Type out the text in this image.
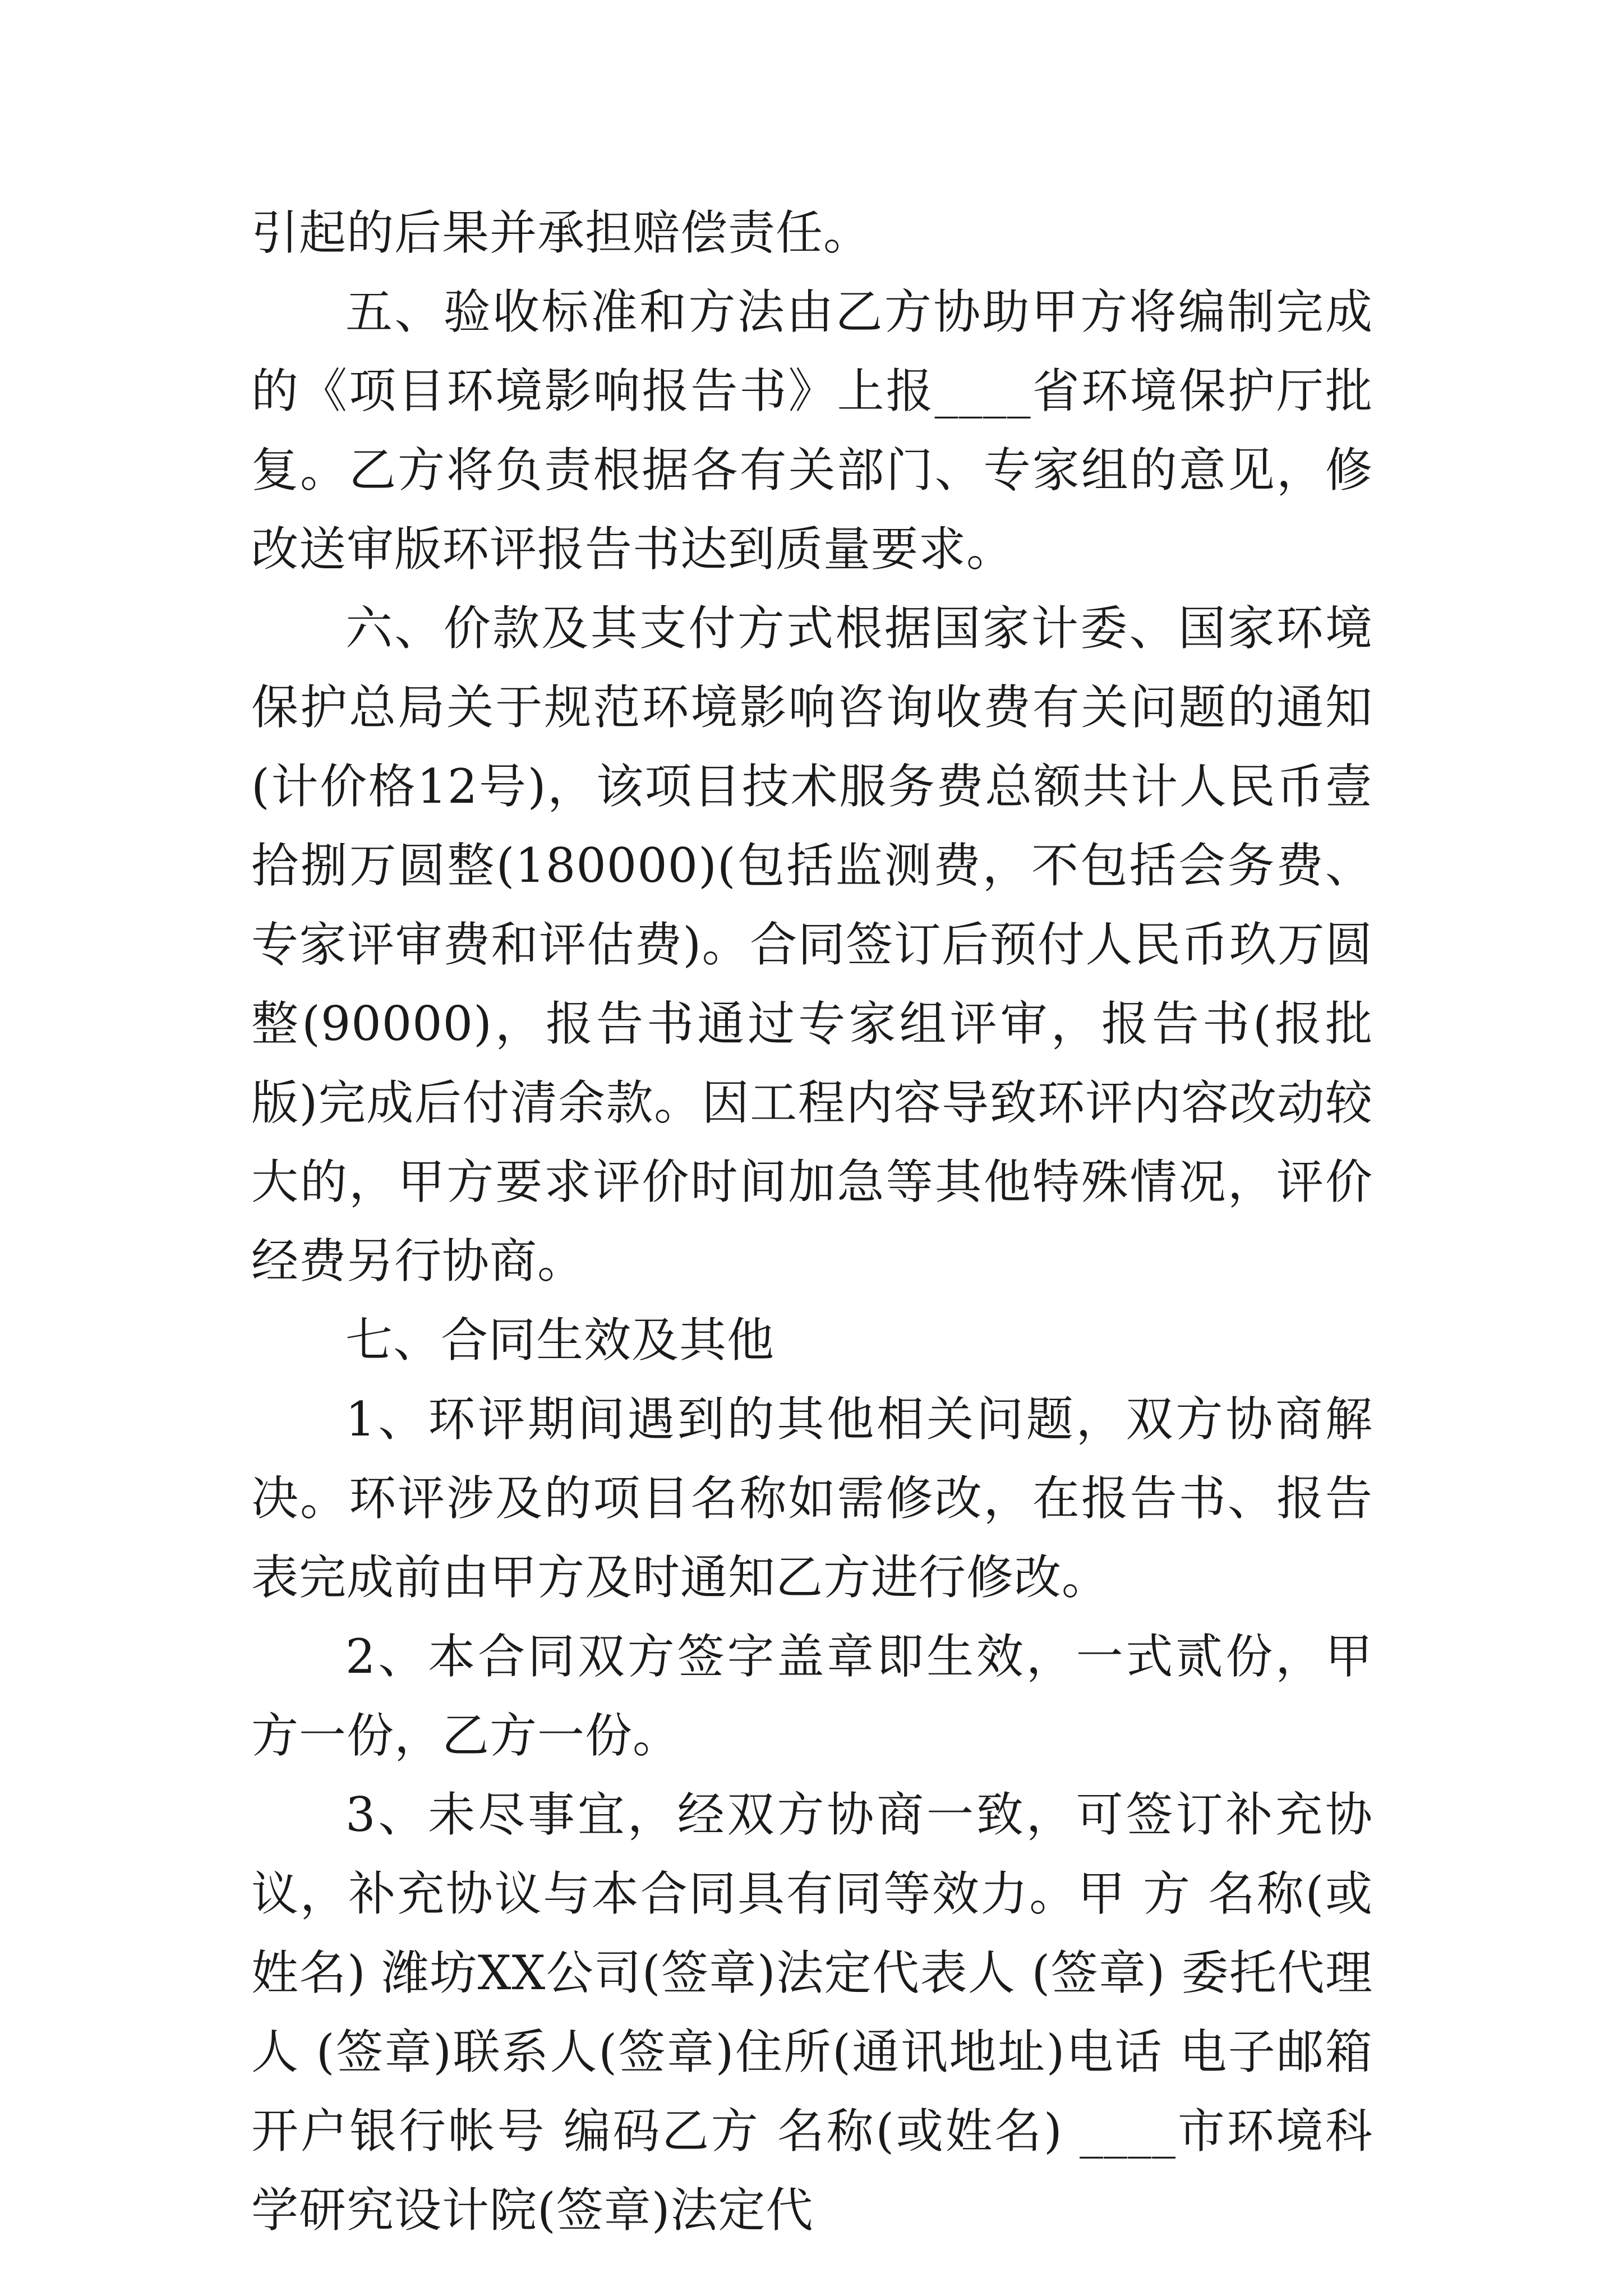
引起的后果并承担赔偿责任。

五、验收标准和方法由乙方协助甲方将编制完成的《项目环境影响报告书》上报____省环境保护厅批复。乙方将负责根据各有关部门、专家组的意见，修改送审版环评报告书达到质量要求。

六、价款及其支付方式根据国家计委、国家环境保护总局关于规范环境影响咨询收费有关问题的通知(计价格12号)，该项目技术服务费总额共计人民币壹拾捌万圆整(180000)(包括监测费，不包括会务费、专家评审费和评估费)。合同签订后预付人民币玖万圆整(90000)，报告书通过专家组评审，报告书(报批版)完成后付清余款。因工程内容导致环评内容改动较大的，甲方要求评价时间加急等其他特殊情况，评价经费另行协商。

七、合同生效及其他

1、环评期间遇到的其他相关问题，双方协商解决。环评涉及的项目名称如需修改，在报告书、报告表完成前由甲方及时通知乙方进行修改。

2、本合同双方签字盖章即生效，一式贰份，甲方一份，乙方一份。

3、未尽事宜，经双方协商一致，可签订补充协议，补充协议与本合同具有同等效力。甲 方 名称(或姓名) 潍坊XX公司(签章)法定代表人 (签章) 委托代理人 (签章)联系人(签章)住所(通讯地址)电话 电子邮箱开户银行帐号 编码乙方 名称(或姓名) ____市环境科学研究设计院(签章)法定代
